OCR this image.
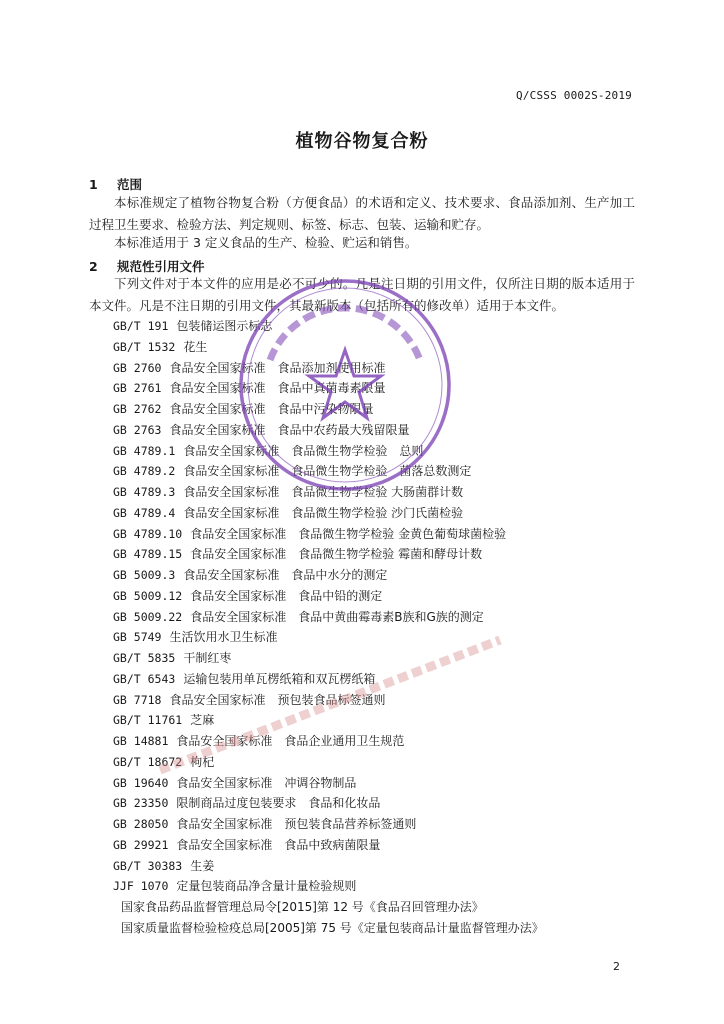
Q/CSSS 0002S-2019
植物谷物复合粉
1 范围
本标准规定了植物谷物复合粉（方便食品）的术语和定义、技术要求、食品添加剂、生产加工过程卫生要求、检验方法、判定规则、标签、标志、包装、运输和贮存。
本标准适用于 3 定义食品的生产、检验、贮运和销售。
2 规范性引用文件
下列文件对于本文件的应用是必不可少的。凡是注日期的引用文件，仅所注日期的版本适用于本文件。凡是不注日期的引用文件，其最新版本（包括所有的修改单）适用于本文件。
GB/T 191 包装储运图示标志
GB/T 1532 花生
GB 2760 食品安全国家标准　食品添加剂使用标准
GB 2761 食品安全国家标准　食品中真菌毒素限量
GB 2762 食品安全国家标准　食品中污染物限量
GB 2763 食品安全国家标准　食品中农药最大残留限量
GB 4789.1 食品安全国家标准　食品微生物学检验　总则
GB 4789.2 食品安全国家标准　食品微生物学检验　菌落总数测定
GB 4789.3 食品安全国家标准　食品微生物学检验 大肠菌群计数
GB 4789.4 食品安全国家标准　食品微生物学检验 沙门氏菌检验
GB 4789.10 食品安全国家标准　食品微生物学检验 金黄色葡萄球菌检验
GB 4789.15 食品安全国家标准　食品微生物学检验 霉菌和酵母计数
GB 5009.3 食品安全国家标准　食品中水分的测定
GB 5009.12 食品安全国家标准　食品中铅的测定
GB 5009.22 食品安全国家标准　食品中黄曲霉毒素B族和G族的测定
GB 5749 生活饮用水卫生标准
GB/T 5835 干制红枣
GB/T 6543 运输包装用单瓦楞纸箱和双瓦楞纸箱
GB 7718 食品安全国家标准　预包装食品标签通则
GB/T 11761 芝麻
GB 14881 食品安全国家标准　食品企业通用卫生规范
GB/T 18672 枸杞
GB 19640 食品安全国家标准　冲调谷物制品
GB 23350 限制商品过度包装要求　食品和化妆品
GB 28050 食品安全国家标准　预包装食品营养标签通则
GB 29921 食品安全国家标准　食品中致病菌限量
GB/T 30383 生姜
JJF 1070 定量包装商品净含量计量检验规则
国家食品药品监督管理总局令[2015]第 12 号《食品召回管理办法》
国家质量监督检验检疫总局[2005]第 75 号《定量包装商品计量监督管理办法》
2
